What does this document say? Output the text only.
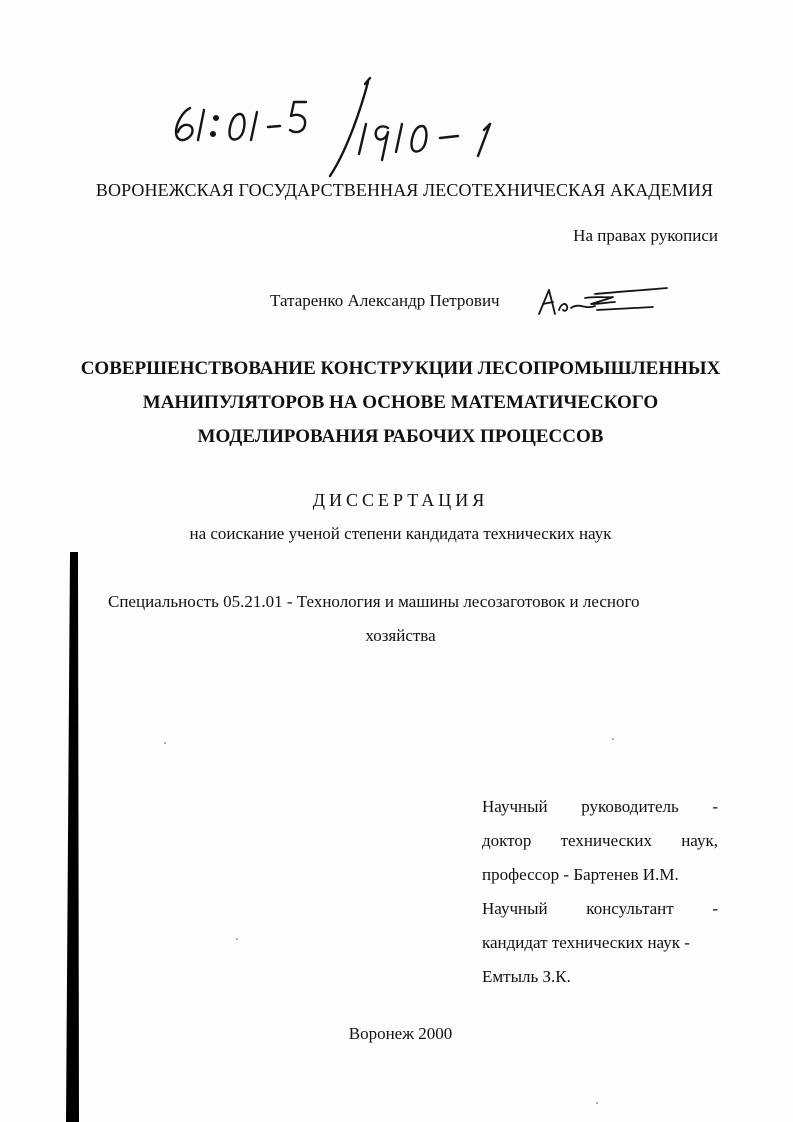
ВОРОНЕЖСКАЯ ГОСУДАРСТВЕННАЯ ЛЕСОТЕХНИЧЕСКАЯ АКАДЕМИЯ
На правах рукописи
Татаренко Александр Петрович
СОВЕРШЕНСТВОВАНИЕ КОНСТРУКЦИИ ЛЕСОПРОМЫШЛЕННЫХ
МАНИПУЛЯТОРОВ НА ОСНОВЕ МАТЕМАТИЧЕСКОГО
МОДЕЛИРОВАНИЯ РАБОЧИХ ПРОЦЕССОВ
ДИССЕРТАЦИЯ
на соискание ученой степени кандидата технических наук
Специальность 05.21.01 - Технология и машины лесозаготовок и лесного
хозяйства
Научный руководитель -
доктор технических наук,
профессор - Бартенев И.М.
Научный консультант -
кандидат технических наук -
Емтыль З.К.
Воронеж 2000
